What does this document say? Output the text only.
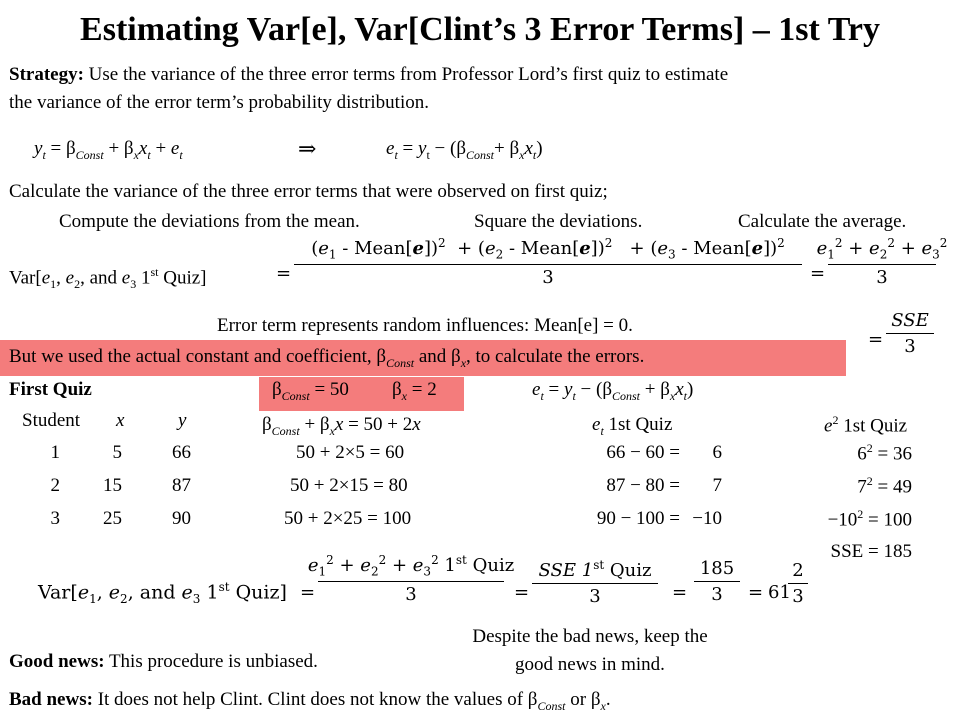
Estimating Var[e], Var[Clint’s 3 Error Terms] – 1st Try
Strategy: Use the variance of the three error terms from Professor Lord’s first quiz to estimate
the variance of the error term’s probability distribution.
$y_t = \beta_{Const} + \beta_xx_t + e_t$	⇒	$e_t = y_t - (\beta_{Const}+ \beta_xx_t)$
Calculate the variance of the three error terms that were observed on first quiz;
Compute the deviations from the mean.	Square the deviations.	Calculate the average.
$Var[e_1$, $e_2$, and $e_3$ 1st Quiz]	=
($e_1$ - Mean[e])$^2$  + ($e_2$ - Mean[e])$^2$   + ($e_3$ - Mean[e])$^2$
3	= $\frac{e_1^2 + e_2^2 + e_3^2}{3}$
Error term represents random influences: Mean[e] = 0.
=
SSE
3
But we used the actual constant and coefficient, $\beta_{Const}$ and $\beta_x$, to calculate the errors.
First Quiz	$\beta_{Const} = 50$ $\beta_x = 2$	$e_t = y_t - (\beta_{Const} + \beta_xx_t)$
Student x	y	$\beta_{Const} + \beta_xx = 50 + 2x$	$e_t$ 1st Quiz	$e^2$ 1st Quiz
1	5	66	50 + 2×5 = 60	66 − 60 =	6	$6^2 = 36$
2	15	87	50 + 2×15 = 80	87 − 80 =	7	$7^2 = 49$
3	25	90	50 + 2×25 = 100	90 − 100 = −10	$-10^2 = 100$
SSE = 185
$Var[e_1$, $e_2$, and $e_3$ 1st Quiz] =
$e_1^2 + e_2^2 + e_3^2$ 1st Quiz
3	=
SSE 1st Quiz
3	= $\frac{185}{3} = 61$
$\frac{2}{3}$
Despite the bad news, keep the
good news in mind.
Good news: This procedure is unbiased.
Bad news: It does not help Clint. Clint does not know the values of $\beta_{Const}$ or $\beta_x$.
